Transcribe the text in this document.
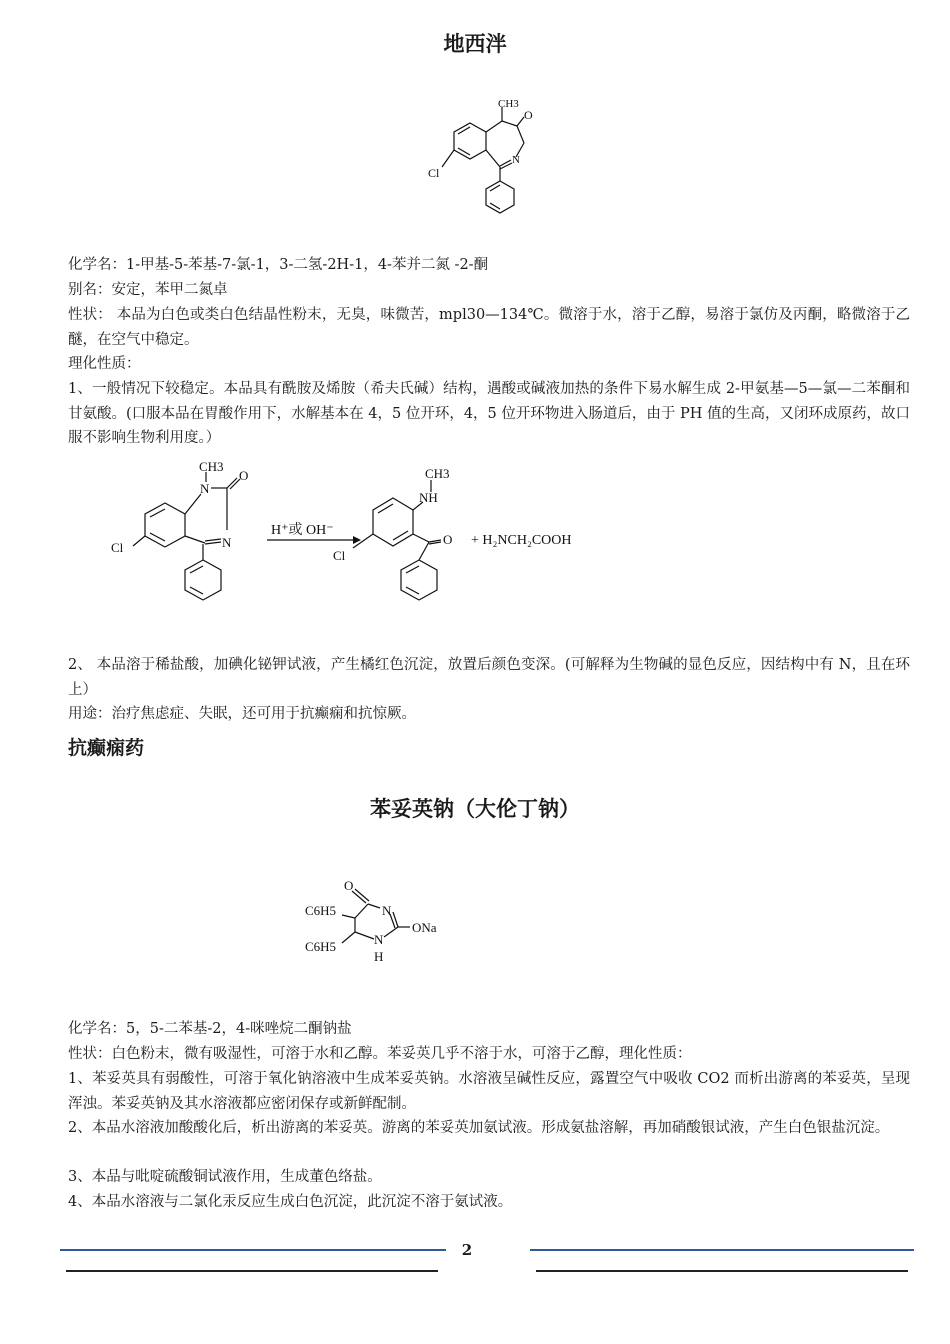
地西泮
CH3
O
N
Cl
化学名：1-甲基-5-苯基-7-氯-1，3-二氢-2H-1，4-苯并二氮 -2-酮
别名：安定，苯甲二氮卓
性状： 本品为白色或类白色结晶性粉末，无臭，味微苦，mpl30—134℃。微溶于水，溶于乙醇，易溶于氯仿及丙酮，略微溶于乙醚，在空气中稳定。
理化性质：
1、一般情况下较稳定。本品具有酰胺及烯胺（希夫氏碱）结构，遇酸或碱液加热的条件下易水解生成 2-甲氨基—5—氯—二苯酮和甘氨酸。(口服本品在胃酸作用下，水解基本在 4，5 位开环，4，5 位开环物进入肠道后，由于 PH 值的生高，又闭环成原药，故口服不影响生物利用度。）
CH3
N
O
N
Cl
H⁺或 OH⁻
CH3
NH
O
Cl
+ H₂NCH₂COOH
2、 本品溶于稀盐酸，加碘化铋钾试液，产生橘红色沉淀，放置后颜色变深。(可解释为生物碱的显色反应，因结构中有 N，且在环上）
用途：治疗焦虑症、失眠，还可用于抗癫痫和抗惊厥。
抗癫痫药
苯妥英钠（大伦丁钠）
O
N
ONa
N
H
C6H5
C6H5
化学名：5，5-二苯基-2，4-咪唑烷二酮钠盐
性状：白色粉末，微有吸湿性，可溶于水和乙醇。苯妥英几乎不溶于水，可溶于乙醇，理化性质：
1、苯妥英具有弱酸性，可溶于氧化钠溶液中生成苯妥英钠。水溶液呈碱性反应，露置空气中吸收 CO2 而析出游离的苯妥英，呈现浑浊。苯妥英钠及其水溶液都应密闭保存或新鲜配制。
2、本品水溶液加酸酸化后，析出游离的苯妥英。游离的苯妥英加氨试液。形成氨盐溶解，再加硝酸银试液，产生白色银盐沉淀。
3、本品与吡啶硫酸铜试液作用，生成董色络盐。
4、本品水溶液与二氯化汞反应生成白色沉淀，此沉淀不溶于氨试液。
2
